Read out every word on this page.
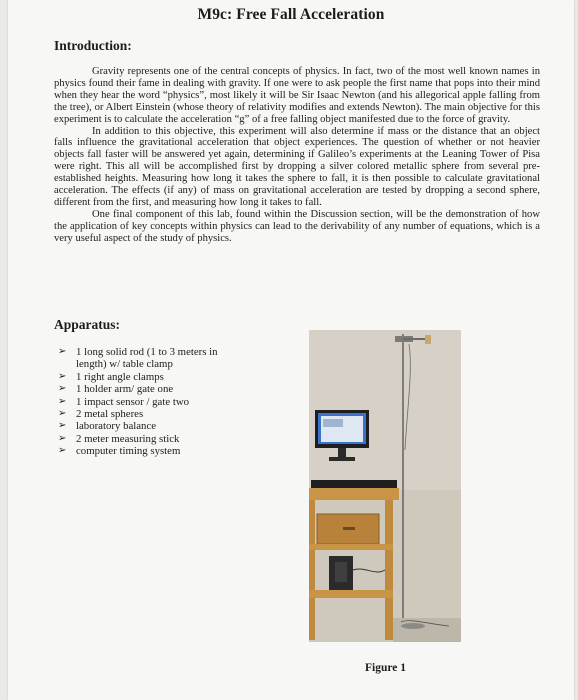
M9c: Free Fall Acceleration
Introduction:

Gravity represents one of the central concepts of physics. In fact, two of the most well known names in physics found their fame in dealing with gravity. If one were to ask people the first name that pops into their mind when they hear the word “physics”, most likely it will be Sir Isaac Newton (and his allegorical apple falling from the tree), or Albert Einstein (whose theory of relativity modifies and extends Newton). The main objective for this experiment is to calculate the acceleration “g” of a free falling object manifested due to the force of gravity.

In addition to this objective, this experiment will also determine if mass or the distance that an object falls influence the gravitational acceleration that object experiences. The question of whether or not heavier objects fall faster will be answered yet again, determining if Galileo’s experiments at the Leaning Tower of Pisa were right. This all will be accomplished first by dropping a silver colored metallic sphere from several pre-established heights. Measuring how long it takes the sphere to fall, it is then possible to calculate gravitational acceleration. The effects (if any) of mass on gravitational acceleration are tested by dropping a second sphere, different from the first, and measuring how long it takes to fall.

One final component of this lab, found within the Discussion section, will be the demonstration of how the application of key concepts within physics can lead to the derivability of any number of equations, which is a very useful aspect of the study of physics.

Apparatus:
➢ 1 long solid rod (1 to 3 meters in length) w/ table clamp
➢ 1 right angle clamps
➢ 1 holder arm/ gate one
➢ 1 impact sensor / gate two
➢ 2 metal spheres
➢ laboratory balance
➢ 2 meter measuring stick
➢ computer timing system
Figure 1
